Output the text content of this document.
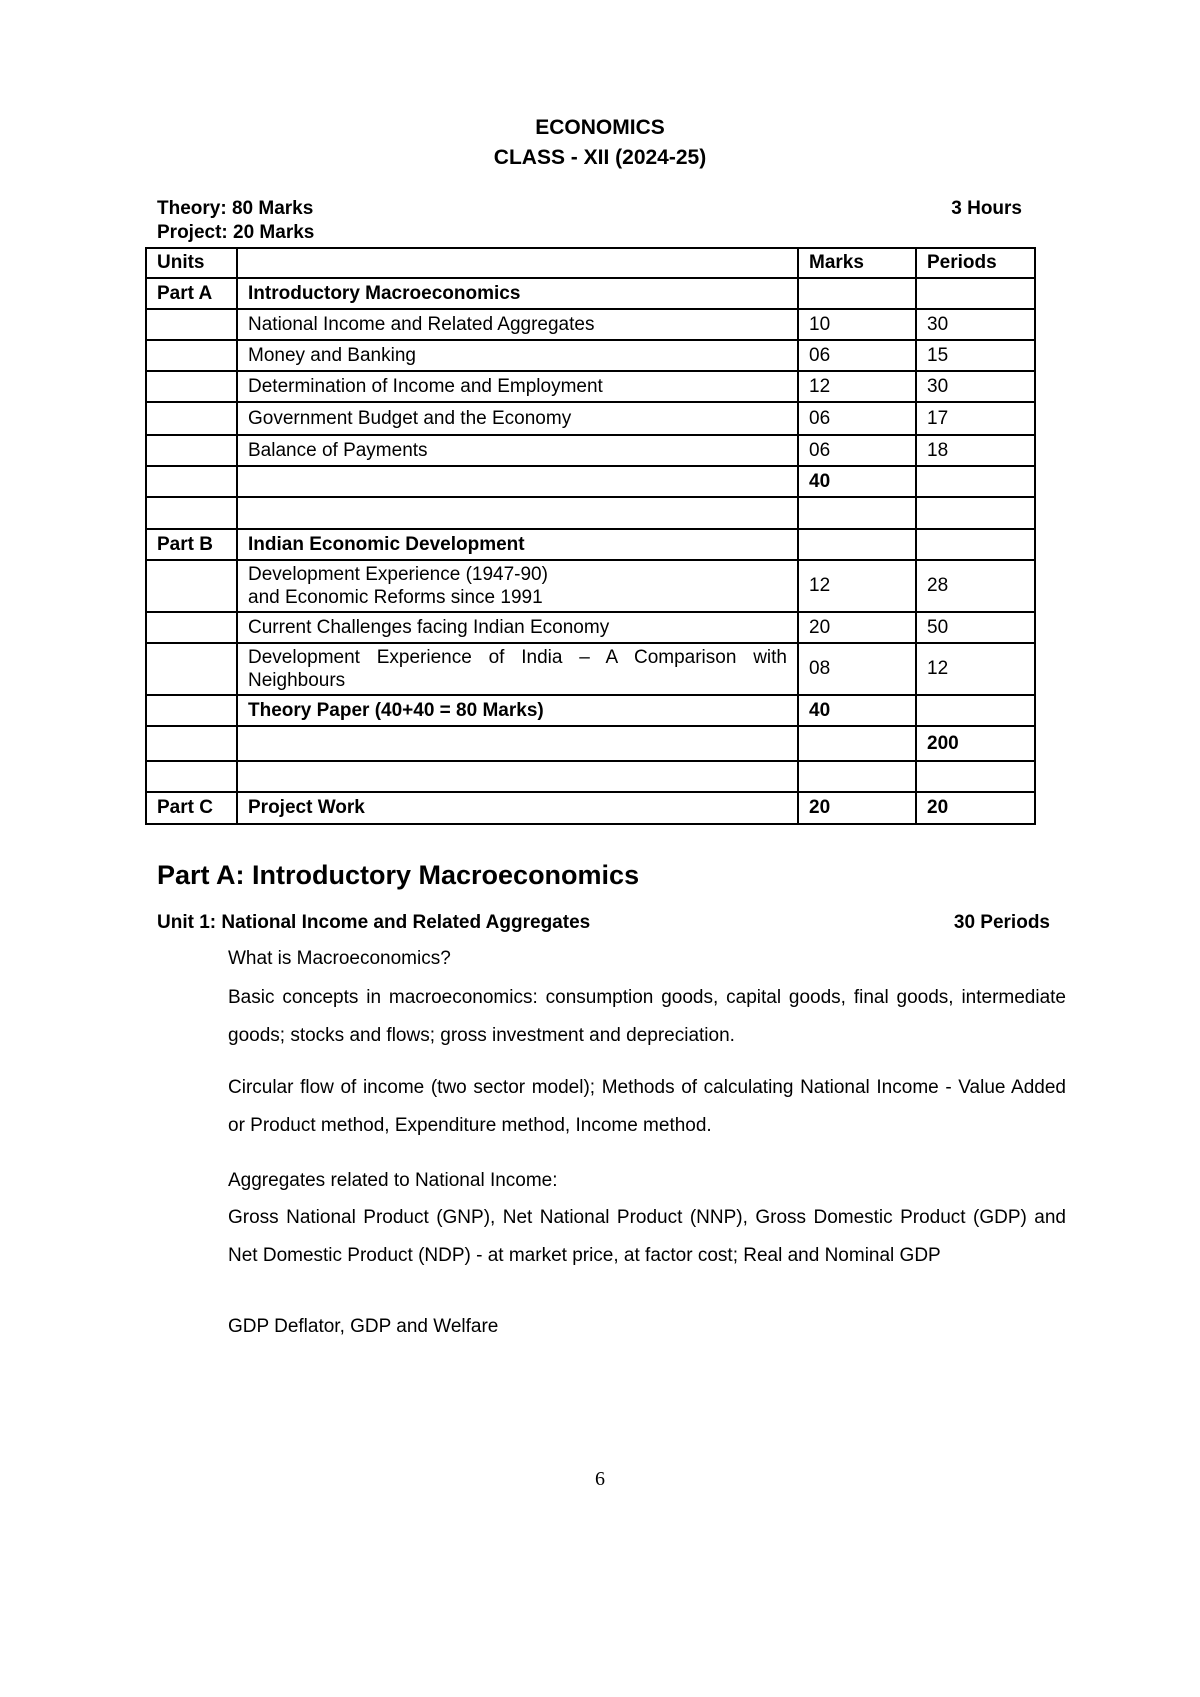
ECONOMICS
CLASS - XII (2024-25)
Theory: 80 Marks	3 Hours
Project: 20 Marks
Units		Marks	Periods
Part A	Introductory Macroeconomics		
	National Income and Related Aggregates	10	30
	Money and Banking	06	15
	Determination of Income and Employment	12	30
	Government Budget and the Economy	06	17
	Balance of Payments	06	18
		40	

Part B	Indian Economic Development		

	Development Experience (1947-90)
and Economic Reforms since 1991	12	28
	Current Challenges facing Indian Economy	20	50
	Development Experience of India – A Comparison with Neighbours	08	12
	Theory Paper (40+40 = 80 Marks)	40	
			200

Part C	Project Work	20	20
Part A: Introductory Macroeconomics
Unit 1: National Income and Related Aggregates	30 Periods
What is Macroeconomics?
Basic concepts in macroeconomics: consumption goods, capital goods, final goods, intermediate goods; stocks and flows; gross investment and depreciation.
Circular flow of income (two sector model); Methods of calculating National Income - Value Added or Product method, Expenditure method, Income method.
Aggregates related to National Income:
Gross National Product (GNP), Net National Product (NNP), Gross Domestic Product (GDP) and Net Domestic Product (NDP) - at market price, at factor cost; Real and Nominal GDP
GDP Deflator, GDP and Welfare
6
